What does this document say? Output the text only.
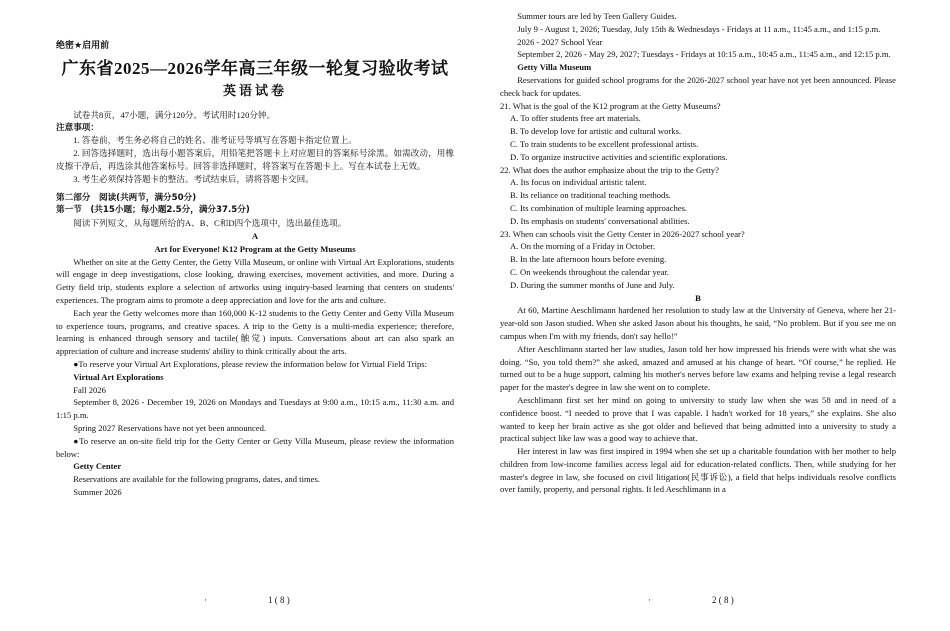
绝密★启用前

广东省2025—2026学年高三年级一轮复习验收考试

英语试卷

试卷共8页，47小题，满分120分。考试用时120分钟。

注意事项：

1. 答卷前，考生务必将自己的姓名、准考证号等填写在答题卡指定位置上。

2. 回答选择题时，选出每小题答案后，用铅笔把答题卡上对应题目的答案标号涂黑。如需改动，用橡皮擦干净后，再选涂其他答案标号。回答非选择题时，将答案写在答题卡上。写在本试卷上无效。

3. 考生必须保持答题卡的整洁。考试结束后，请将答题卡交回。

第二部分　阅读(共两节，满分50分)

第一节　(共15小题；每小题2.5分，满分37.5分)

阅读下列短文，从每题所给的A、B、C和D四个选项中，选出最佳选项。

A

Art for Everyone! K12 Program at the Getty Museums

Whether on site at the Getty Center, the Getty Villa Museum, or online with Virtual Art Explorations, students will engage in deep investigations, close looking, drawing exercises, movement activities, and more. During a Getty field trip, students explore a selection of artworks using inquiry-based learning that centers on students' experiences. The program aims to promote a deep appreciation and love for the arts and culture.

Each year the Getty welcomes more than 160,000 K-12 students to the Getty Center and Getty Villa Museum to experience tours, programs, and creative spaces. A trip to the Getty is a multi-media experience; therefore, learning is enhanced through sensory and tactile(触觉) inputs. Conversations about art can also spark an appreciation of culture and increase students' ability to think critically about the arts.

●To reserve your Virtual Art Explorations, please review the information below for Virtual Field Trips:

Virtual Art Explorations

Fall 2026

September 8, 2026 - December 19, 2026 on Mondays and Tuesdays at 9:00 a.m., 10:15 a.m., 11:30 a.m. and 1:15 p.m.

Spring 2027 Reservations have not yet been announced.

●To reserve an on-site field trip for the Getty Center or Getty Villa Museum, please review the information below:

Getty Center

Reservations are available for the following programs, dates, and times.

Summer 2026

·	1 ( 8 )

Summer tours are led by Teen Gallery Guides.

July 9 - August 1, 2026; Tuesday, July 15th & Wednesdays - Fridays at 11 a.m., 11:45 a.m., and 1:15 p.m.

2026 - 2027 School Year

September 2, 2026 - May 29, 2027; Tuesdays - Fridays at 10:15 a.m., 10:45 a.m., 11:45 a.m., and 12:15 p.m.

Getty Villa Museum

Reservations for guided school programs for the 2026-2027 school year have not yet been announced. Please check back for updates.

21. What is the goal of the K12 program at the Getty Museums?

A. To offer students free art materials.

B. To develop love for artistic and cultural works.

C. To train students to be excellent professional artists.

D. To organize instructive activities and scientific explorations.

22. What does the author emphasize about the trip to the Getty?

A. Its focus on individual artistic talent.

B. Its reliance on traditional teaching methods.

C. Its combination of multiple learning approaches.

D. Its emphasis on students' conversational abilities.

23. When can schools visit the Getty Center in 2026-2027 school year?

A. On the morning of a Friday in October.

B. In the late afternoon hours before evening.

C. On weekends throughout the calendar year.

D. During the summer months of June and July.

B

At 60, Martine Aeschlimann hardened her resolution to study law at the University of Geneva, where her 21-year-old son Jason studied. When she asked Jason about his thoughts, he said, “No problem. But if you see me on campus when I'm with my friends, don't say hello!”

After Aeschlimann started her law studies, Jason told her how impressed his friends were with what she was doing. “So, you told them?” she asked, amazed and amused at his change of heart. “Of course,” he replied. He turned out to be a huge support, calming his mother's nerves before law exams and helping revise a legal research paper for the master's degree in law she went on to complete.

Aeschlimann first set her mind on going to university to study law when she was 58 and in need of a confidence boost. “I needed to prove that I was capable. I hadn't worked for 18 years,” she explains. She also wanted to keep her brain active as she got older and believed that being admitted into a university to study a practical subject like law was a good way to achieve that.

Her interest in law was first inspired in 1994 when she set up a charitable foundation with her mother to help children from low-income families access legal aid for education-related conflicts. Then, while studying for her master's degree in law, she focused on civil litigation(民事诉讼), a field that helps individuals resolve conflicts over family, property, and personal rights. It led Aeschlimann in a

·	2 ( 8 )
